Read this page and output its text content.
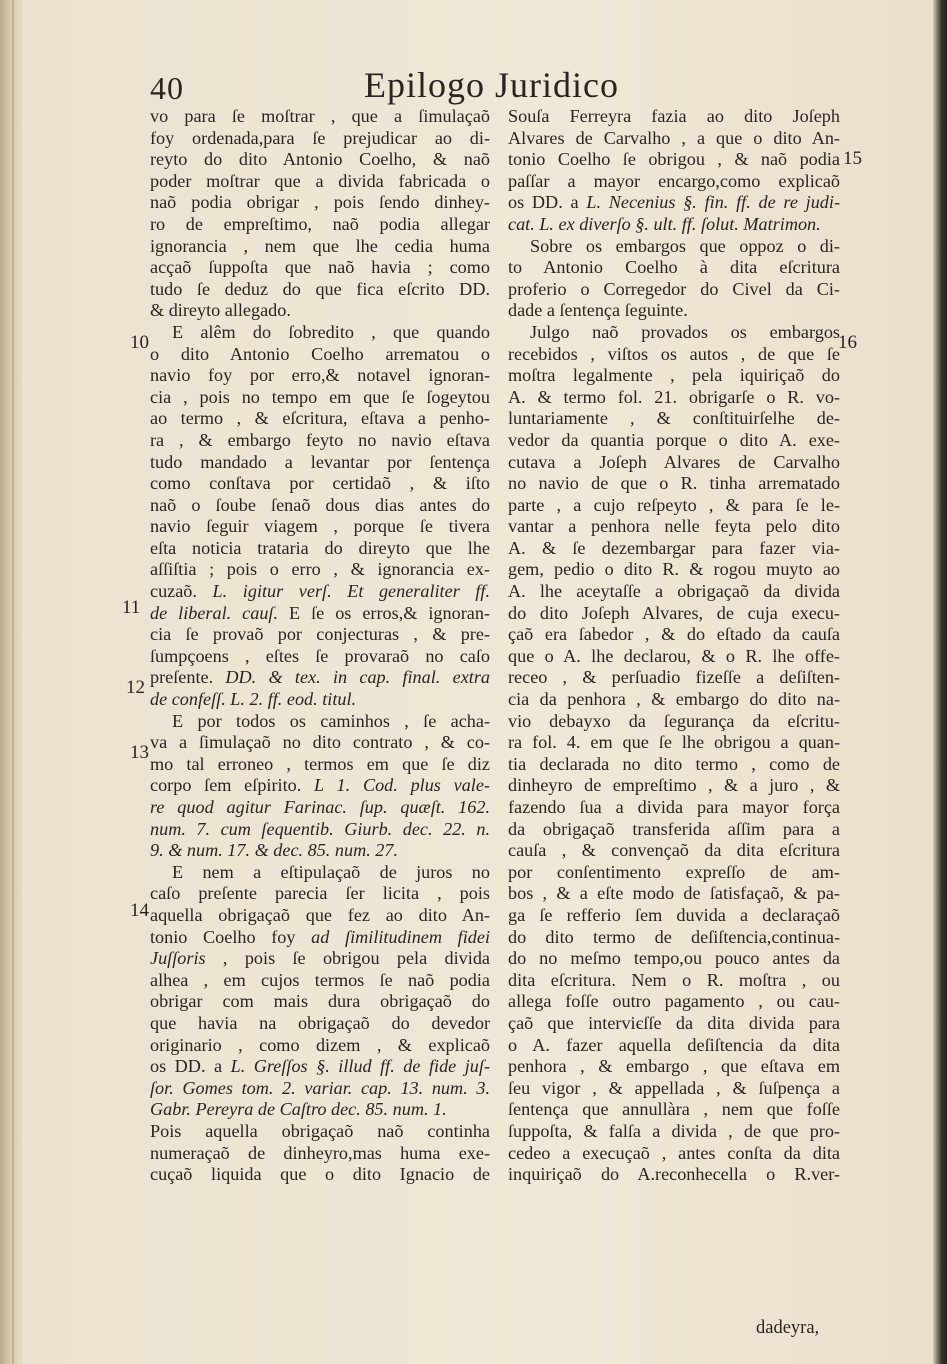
40	Epilogo Juridico
vo para ſe moſtrar , que a ſimulaçaõ
foy ordenada,para ſe prejudicar ao di-
reyto do dito Antonio Coelho, & naõ
poder moſtrar que a divida fabricada o
naõ podia obrigar , pois ſendo dinhey-
ro de empreſtimo, naõ podia allegar
ignorancia , nem que lhe cedia huma
acçaõ ſuppoſta que naõ havia ; como
tudo ſe deduz do que fica eſcrito DD.
& direyto allegado.
E alêm do ſobredito , que quando
o dito Antonio Coelho arrematou o
navio foy por erro,& notavel ignoran-
cia , pois no tempo em que ſe ſogeytou
ao termo , & eſcritura, eſtava a penho-
ra , & embargo feyto no navio eſtava
tudo mandado a levantar por ſentença
como conſtava por certidaõ , & iſto
naõ o ſoube ſenaõ dous dias antes do
navio ſeguir viagem , porque ſe tivera
eſta noticia trataria do direyto que lhe
aſſiſtia ; pois o erro , & ignorancia ex-
cuzaõ. L. igitur verſ. Et generaliter ff.
de liberal. cauſ. E ſe os erros,& ignoran-
cia ſe provaõ por conjecturas , & pre-
ſumpçoens , eſtes ſe provaraõ no caſo
preſente. DD. & tex. in cap. final. extra
de confeſſ. L. 2. ff. eod. titul.
E por todos os caminhos , ſe acha-
va a ſimulaçaõ no dito contrato , & co-
mo tal erroneo , termos em que ſe diz
corpo ſem eſpirito. L 1. Cod. plus vale-
re quod agitur Farinac. ſup. quæſt. 162.
num. 7. cum ſequentib. Giurb. dec. 22. n.
9. & num. 17. & dec. 85. num. 27.
E nem a eſtipulaçaõ de juros no
caſo preſente parecia ſer licita , pois
aquella obrigaçaõ que fez ao dito An-
tonio Coelho foy ad ſimilitudinem fidei
Juſſoris , pois ſe obrigou pela divida
alhea , em cujos termos ſe naõ podia
obrigar com mais dura obrigaçaõ do
que havia na obrigaçaõ do devedor
originario , como dizem , & explicaõ
os DD. a L. Greſſos §. illud ff. de fide juſ-
ſor. Gomes tom. 2. variar. cap. 13. num. 3.
Gabr. Pereyra de Caſtro dec. 85. num. 1.
Pois aquella obrigaçaõ naõ continha
numeraçaõ de dinheyro,mas huma exe-
cuçaõ liquida que o dito Ignacio de
Souſa Ferreyra fazia ao dito Joſeph
Alvares de Carvalho , a que o dito An-
tonio Coelho ſe obrigou , & naõ podia
paſſar a mayor encargo,como explicaõ
os DD. a L. Necenius §. fin. ff. de re judi-
cat. L. ex diverſo §. ult. ff. ſolut. Matrimon.
Sobre os embargos que oppoz o di-
to Antonio Coelho à dita eſcritura
proferio o Corregedor do Civel da Ci-
dade a ſentença ſeguinte.
Julgo naõ provados os embargos
recebidos , viſtos os autos , de que ſe
moſtra legalmente , pela iquiriçaõ do
A. & termo fol. 21. obrigarſe o R. vo-
luntariamente , & conſtituirſelhe de-
vedor da quantia porque o dito A. exe-
cutava a Joſeph Alvares de Carvalho
no navio de que o R. tinha arrematado
parte , a cujo reſpeyto , & para ſe le-
vantar a penhora nelle feyta pelo dito
A. & ſe dezembargar para fazer via-
gem, pedio o dito R. & rogou muyto ao
A. lhe aceytaſſe a obrigaçaõ da divida
do dito Joſeph Alvares, de cuja execu-
çaõ era ſabedor , & do eſtado da cauſa
que o A. lhe declarou, & o R. lhe offe-
receo , & perſuadio fizeſſe a deſiſten-
cia da penhora , & embargo do dito na-
vio debayxo da ſegurança da eſcritu-
ra fol. 4. em que ſe lhe obrigou a quan-
tia declarada no dito termo , como de
dinheyro de empreſtimo , & a juro , &
fazendo ſua a divida para mayor força
da obrigaçaõ transferida aſſim para a
cauſa , & convençaõ da dita eſcritura
por conſentimento expreſſo de am-
bos , & a eſte modo de ſatisfaçaõ, & pa-
ga ſe refferio ſem duvida a declaraçaõ
do dito termo de deſiſtencia,continua-
do no meſmo tempo,ou pouco antes da
dita eſcritura. Nem o R. moſtra , ou
allega foſſe outro pagamento , ou cau-
çaõ que interviєſſe da dita divida para
o A. fazer aquella deſiſtencia da dita
penhora , & embargo , que eſtava em
ſeu vigor , & appellada , & ſuſpença a
ſentença que annullàra , nem que foſſe
ſuppoſta, & falſa a divida , de que pro-
cedeo a execuçaõ , antes conſta da dita
inquiriçaõ do A.reconhecella o R.ver-
10
11
12
13
14
15
16
dadeyra,
